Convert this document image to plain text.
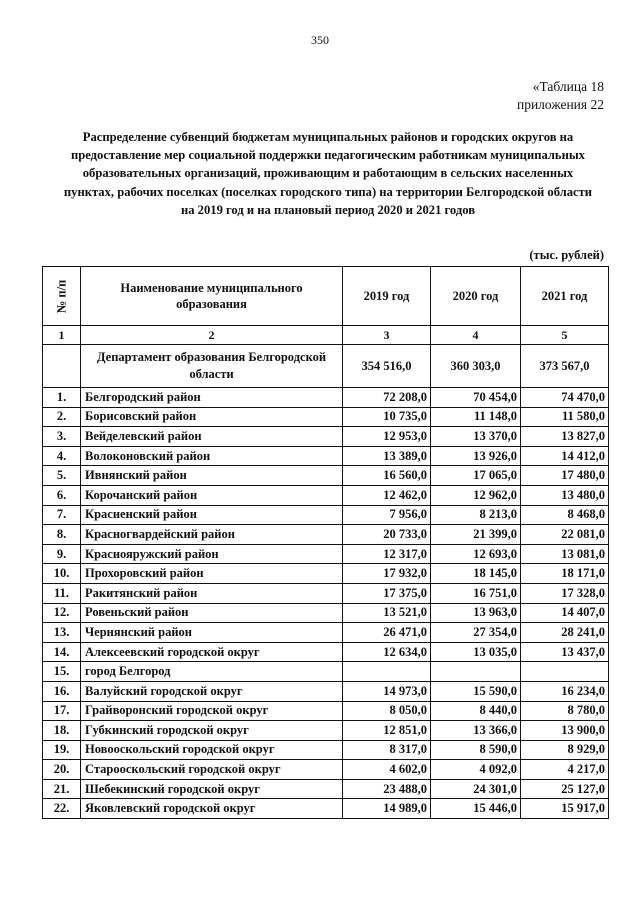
350
«Таблица 18
приложения 22
Распределение субвенций бюджетам муниципальных районов и городских округов на предоставление мер социальной поддержки педагогическим работникам муниципальных образовательных организаций, проживающим и работающим в сельских населенных пунктах, рабочих поселках (поселках городского типа) на территории Белгородской области на 2019 год и на плановый период 2020 и 2021 годов
(тыс. рублей)
№ п/п	Наименование муниципального образования	2019 год	2020 год	2021 год
1	2	3	4	5
	Департамент образования Белгородской области	354 516,0	360 303,0	373 567,0
1.	Белгородский район	72 208,0	70 454,0	74 470,0
2.	Борисовский район	10 735,0	11 148,0	11 580,0
3.	Вейделевский район	12 953,0	13 370,0	13 827,0
4.	Волоконовский район	13 389,0	13 926,0	14 412,0
5.	Ивнянский район	16 560,0	17 065,0	17 480,0
6.	Корочанский район	12 462,0	12 962,0	13 480,0
7.	Красненский район	7 956,0	8 213,0	8 468,0
8.	Красногвардейский район	20 733,0	21 399,0	22 081,0
9.	Краснояружский район	12 317,0	12 693,0	13 081,0
10.	Прохоровский район	17 932,0	18 145,0	18 171,0
11.	Ракитянский район	17 375,0	16 751,0	17 328,0
12.	Ровеньский район	13 521,0	13 963,0	14 407,0
13.	Чернянский район	26 471,0	27 354,0	28 241,0
14.	Алексеевский городской округ	12 634,0	13 035,0	13 437,0
15.	город Белгород			
16.	Валуйский городской округ	14 973,0	15 590,0	16 234,0
17.	Грайворонский городской округ	8 050,0	8 440,0	8 780,0
18.	Губкинский городской округ	12 851,0	13 366,0	13 900,0
19.	Новооскольский городской округ	8 317,0	8 590,0	8 929,0
20.	Старооскольский городской округ	4 602,0	4 092,0	4 217,0
21.	Шебекинский городской округ	23 488,0	24 301,0	25 127,0
22.	Яковлевский городской округ	14 989,0	15 446,0	15 917,0
